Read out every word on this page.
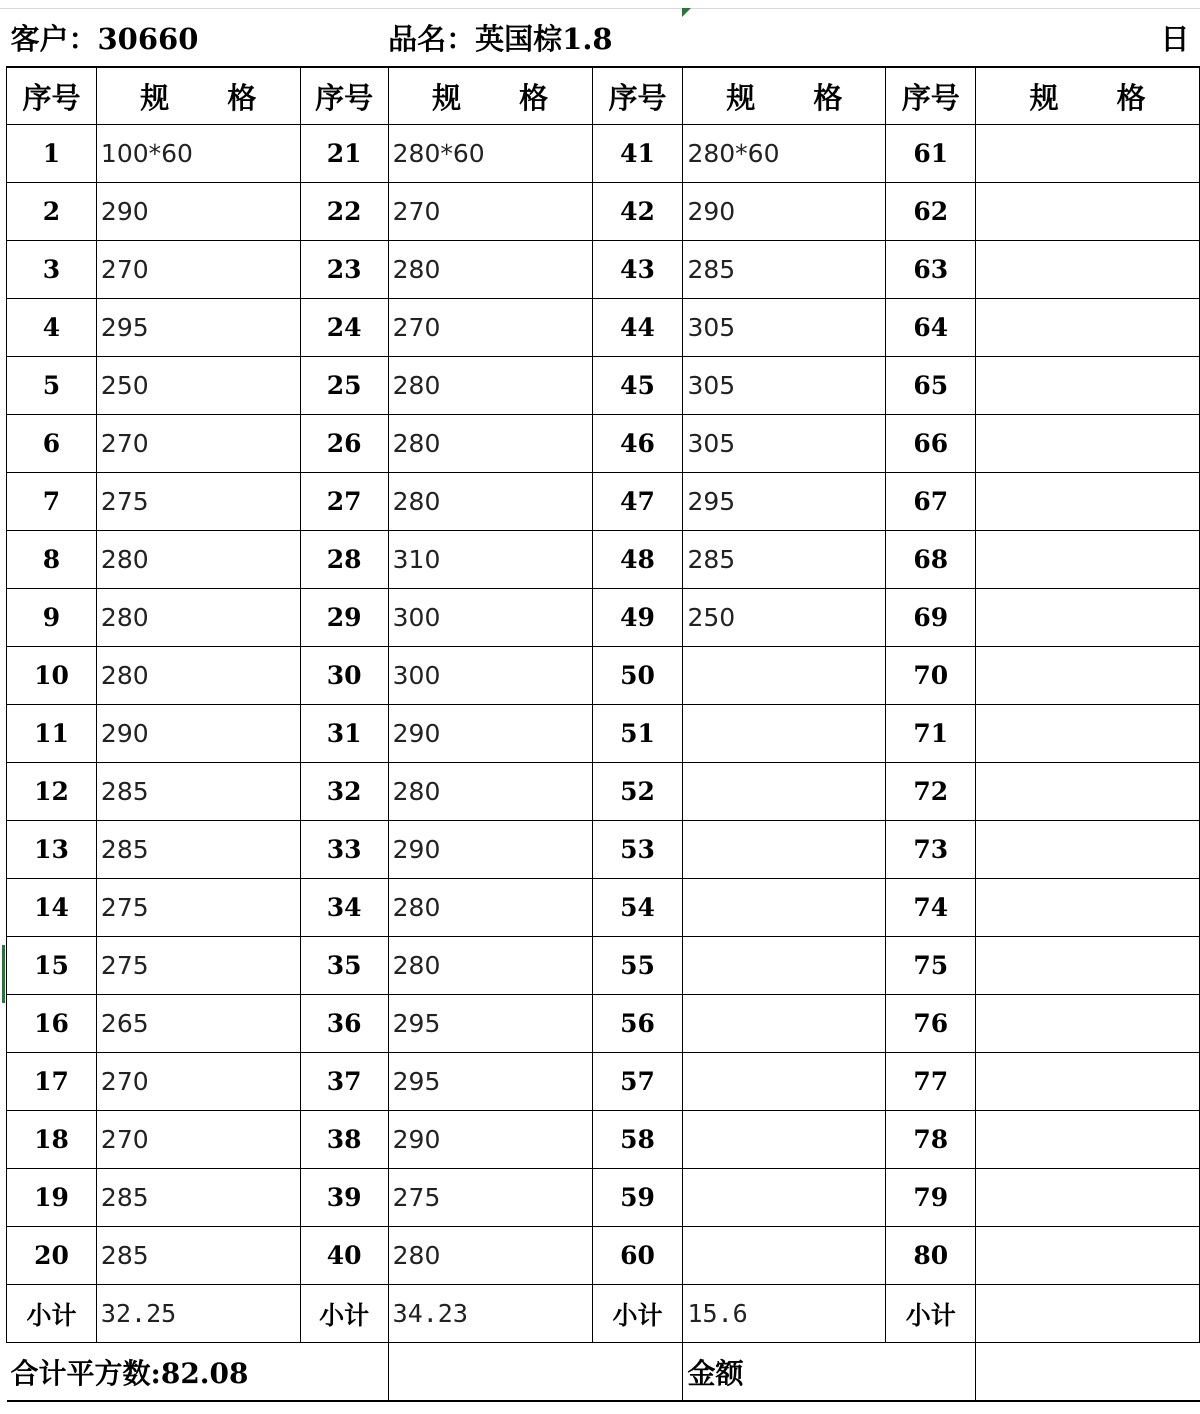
客户：30660			品名：英国棕1.8		日		
序号	规 格	序号	规 格	序号	规 格	序号	规 格
1	100*60	21	280*60	41	280*60	61	
2	290	22	270	42	290	62	
3	270	23	280	43	285	63	
4	295	24	270	44	305	64	
5	250	25	280	45	305	65	
6	270	26	280	46	305	66	
7	275	27	280	47	295	67	
8	280	28	310	48	285	68	
9	280	29	300	49	250	69	
10	280	30	300	50		70	
11	290	31	290	51		71	
12	285	32	280	52		72	
13	285	33	290	53		73	
14	275	34	280	54		74	
15	275	35	280	55		75	
16	265	36	295	56		76	
17	270	37	295	57		77	
18	270	38	290	58		78	
19	285	39	275	59		79	
20	285	40	280	60		80	
小计	32.25	小计	34.23	小计	15.6	小计	
合计平方数:82.08					金额		
